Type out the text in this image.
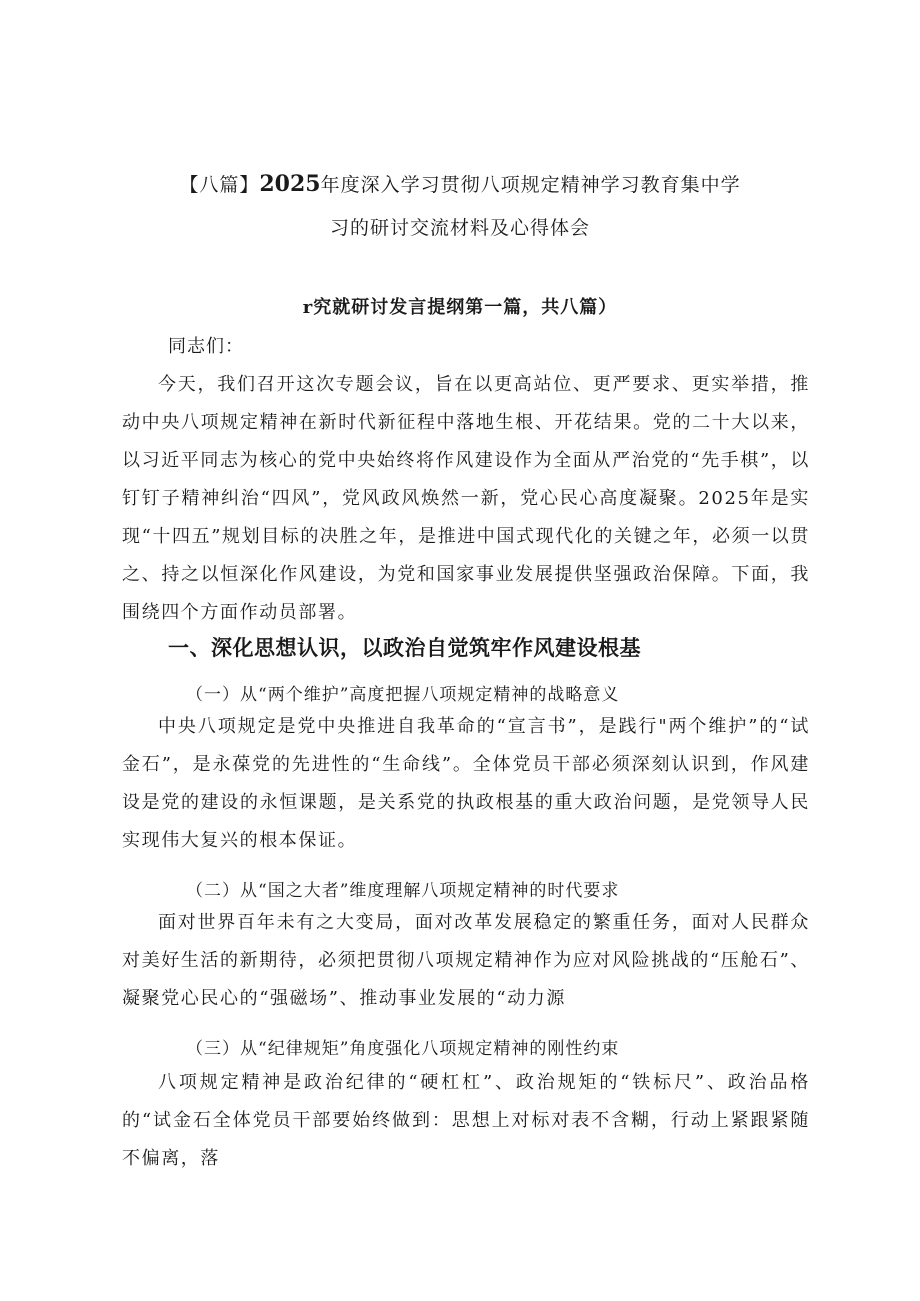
【八篇】2025年度深入学习贯彻八项规定精神学习教育集中学
习的研讨交流材料及心得体会
r究就研讨发言提纲第一篇，共八篇）
同志们：

今天，我们召开这次专题会议，旨在以更高站位、更严要求、更实举措，推动中央八项规定精神在新时代新征程中落地生根、开花结果。党的二十大以来，以习近平同志为核心的党中央始终将作风建设作为全面从严治党的“先手棋”，以钉钉子精神纠治“四风”，党风政风焕然一新，党心民心高度凝聚。2025年是实现“十四五”规划目标的决胜之年，是推进中国式现代化的关键之年，必须一以贯之、持之以恒深化作风建设，为党和国家事业发展提供坚强政治保障。下面，我围绕四个方面作动员部署。

一、深化思想认识，以政治自觉筑牢作风建设根基
（一）从“两个维护”高度把握八项规定精神的战略意义

中央八项规定是党中央推进自我革命的“宣言书”，是践行"两个维护”的“试金石”，是永葆党的先进性的“生命线”。全体党员干部必须深刻认识到，作风建设是党的建设的永恒课题，是关系党的执政根基的重大政治问题，是党领导人民实现伟大复兴的根本保证。

（二）从“国之大者”维度理解八项规定精神的时代要求

面对世界百年未有之大变局，面对改革发展稳定的繁重任务，面对人民群众对美好生活的新期待，必须把贯彻八项规定精神作为应对风险挑战的“压舱石”、凝聚党心民心的“强磁场”、推动事业发展的“动力源

（三）从“纪律规矩”角度强化八项规定精神的刚性约束

八项规定精神是政治纪律的“硬杠杠”、政治规矩的“铁标尺”、政治品格的“试金石全体党员干部要始终做到：思想上对标对表不含糊，行动上紧跟紧随不偏离，落
